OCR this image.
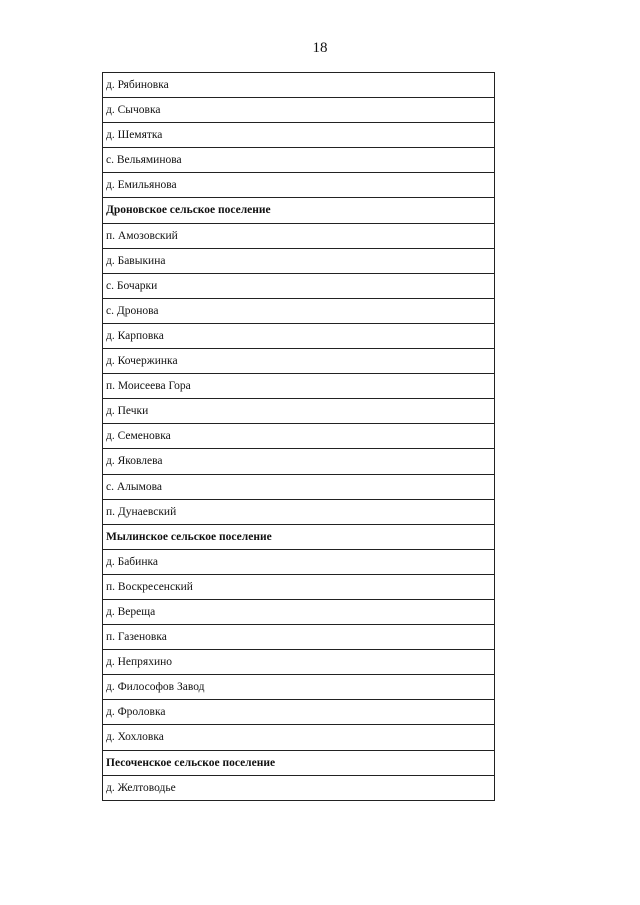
18
д. Рябиновка
д. Сычовка
д. Шемятка
с. Вельяминова
д. Емильянова
Дроновское сельское поселение
п. Амозовский
д. Бавыкина
с. Бочарки
с. Дронова
д. Карповка
д. Кочержинка
п. Моисеева Гора
д. Печки
д. Семеновка
д. Яковлева
с. Алымова
п. Дунаевский
Мылинское сельское поселение
д. Бабинка
п. Воскресенский
д. Верещa
п. Газеновка
д. Непряхино
д. Философов Завод
д. Фроловка
д. Хохловка
Песоченское сельское поселение
д. Желтоводье
